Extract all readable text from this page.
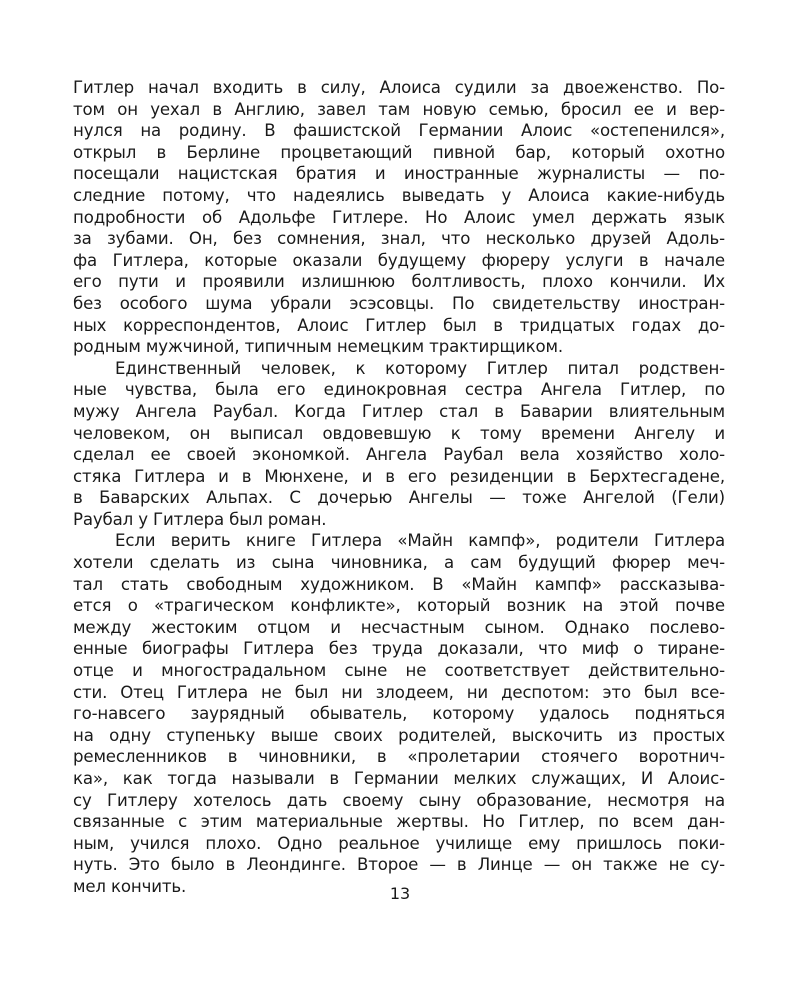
Гитлер начал входить в силу, Алоиса судили за двоеженство. По-
том он уехал в Англию, завел там новую семью, бросил ее и вер-
нулся на родину. В фашистской Германии Алоис «остепенился»,
открыл в Берлине процветающий пивной бар, который охотно
посещали нацистская братия и иностранные журналисты — по-
следние потому, что надеялись выведать у Алоиса какие-нибудь
подробности об Адольфе Гитлере. Но Алоис умел держать язык
за зубами. Он, без сомнения, знал, что несколько друзей Адоль-
фа Гитлера, которые оказали будущему фюреру услуги в начале
его пути и проявили излишнюю болтливость, плохо кончили. Их
без особого шума убрали эсэсовцы. По свидетельству иностран-
ных корреспондентов, Алоис Гитлер был в тридцатых годах до-
родным мужчиной, типичным немецким трактирщиком.
Единственный человек, к которому Гитлер питал родствен-
ные чувства, была его единокровная сестра Ангела Гитлер, по
мужу Ангела Раубал. Когда Гитлер стал в Баварии влиятельным
человеком, он выписал овдовевшую к тому времени Ангелу и
сделал ее своей экономкой. Ангела Раубал вела хозяйство холо-
стяка Гитлера и в Мюнхене, и в его резиденции в Берхтесгадене,
в Баварских Альпах. С дочерью Ангелы — тоже Ангелой (Гели)
Раубал у Гитлера был роман.
Если верить книге Гитлера «Майн кампф», родители Гитлера
хотели сделать из сына чиновника, а сам будущий фюрер меч-
тал стать свободным художником. В «Майн кампф» рассказыва-
ется о «трагическом конфликте», который возник на этой почве
между жестоким отцом и несчастным сыном. Однако послево-
енные биографы Гитлера без труда доказали, что миф о тиране-
отце и многострадальном сыне не соответствует действительно-
сти. Отец Гитлера не был ни злодеем, ни деспотом: это был все-
го-навсего заурядный обыватель, которому удалось подняться
на одну ступеньку выше своих родителей, выскочить из простых
ремесленников в чиновники, в «пролетарии стоячего воротнич-
ка», как тогда называли в Германии мелких служащих, И Алоис-
су Гитлеру хотелось дать своему сыну образование, несмотря на
связанные с этим материальные жертвы. Но Гитлер, по всем дан-
ным, учился плохо. Одно реальное училище ему пришлось поки-
нуть. Это было в Леондинге. Второе — в Линце — он также не су-
мел кончить.	13
